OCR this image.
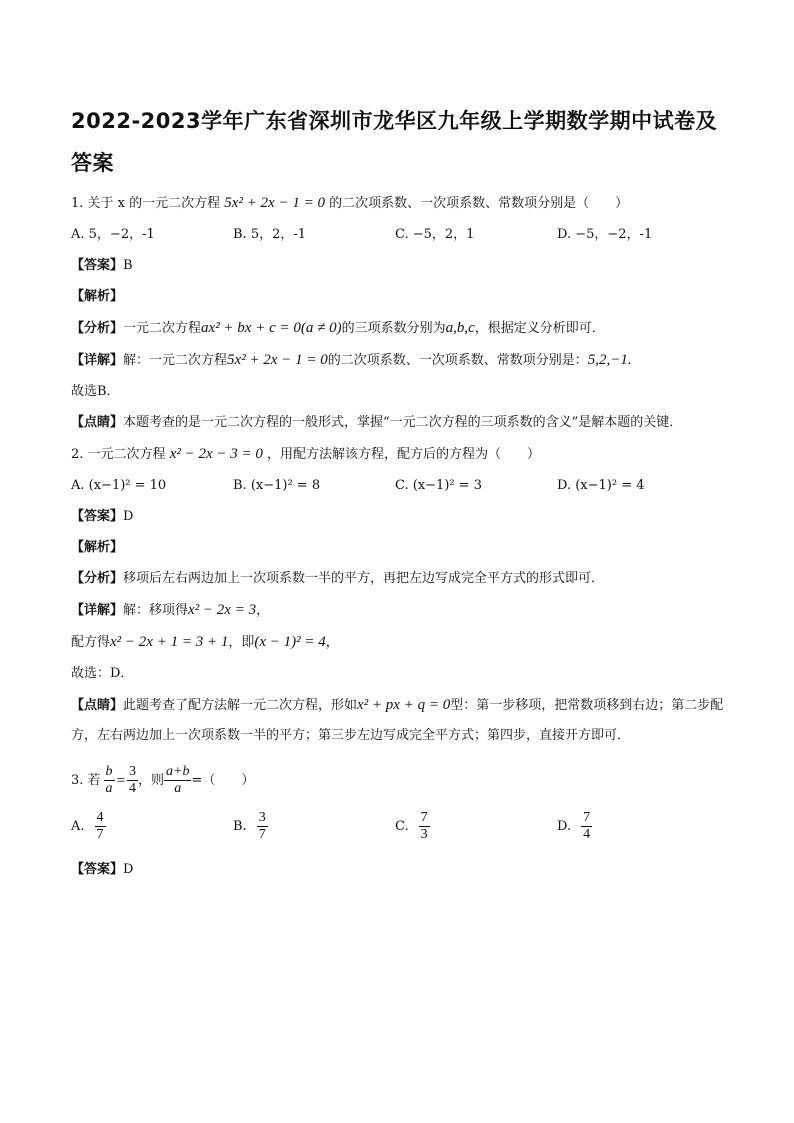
2022-2023学年广东省深圳市龙华区九年级上学期数学期中试卷及答案
1. 关于 x 的一元二次方程 5x² + 2x − 1 = 0 的二次项系数、一次项系数、常数项分别是（　　）
A. 5，−2，-1	B. 5，2，-1	C. −5，2，1	D. −5，−2，-1
【答案】B
【解析】
【分析】一元二次方程ax² + bx + c = 0(a ≠ 0)的三项系数分别为a,b,c，根据定义分析即可．
【详解】解：一元二次方程5x² + 2x − 1 = 0的二次项系数、一次项系数、常数项分别是：5,2,−1.
故选B．
【点睛】本题考查的是一元二次方程的一般形式，掌握“一元二次方程的三项系数的含义”是解本题的关键．
2. 一元二次方程 x² − 2x − 3 = 0 ，用配方法解该方程，配方后的方程为（　　）
A. (x−1)² = 10	B. (x−1)² = 8	C. (x−1)² = 3	D. (x−1)² = 4
【答案】D
【解析】
【分析】移项后左右两边加上一次项系数一半的平方，再把左边写成完全平方式的形式即可．
【详解】解：移项得x² − 2x = 3，
配方得x² − 2x + 1 = 3 + 1，即(x − 1)² = 4，
故选：D．
【点睛】此题考查了配方法解一元二次方程，形如x² + px + q = 0型：第一步移项，把常数项移到右边；第二步配方，左右两边加上一次项系数一半的平方；第三步左边写成完全平方式；第四步，直接开方即可．
3. 若 $\frac{b}{a} = \frac{3}{4}$ ，则 $\frac{a+b}{a}$ =（　　）
A. $\frac{4}{7}$	B. $\frac{3}{7}$	C. $\frac{7}{3}$	D. $\frac{7}{4}$
【答案】D
